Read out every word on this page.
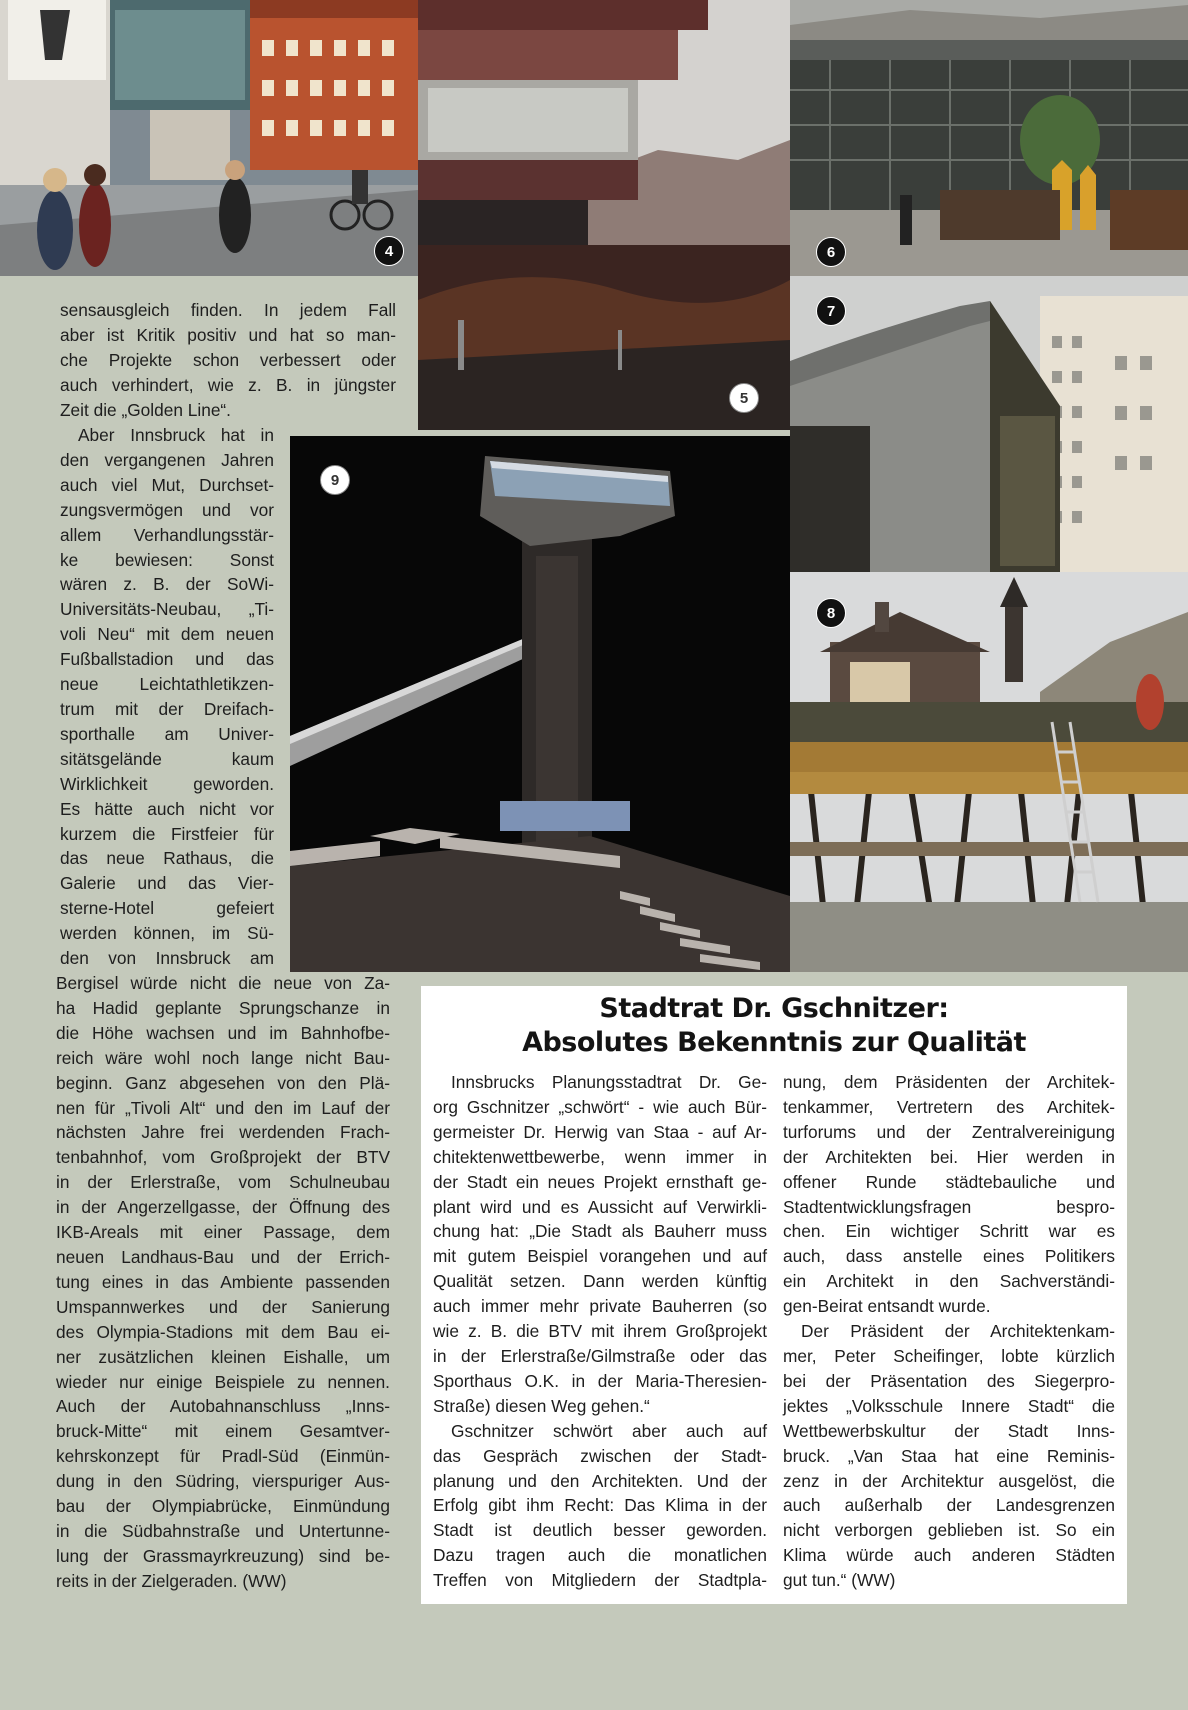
4
5
6
7
8
9
sensausgleich finden. In jedem Fall
aber ist Kritik positiv und hat so man-
che Projekte schon verbessert oder
auch verhindert, wie z. B. in jüngster
Zeit die „Golden Line“.
Aber Innsbruck hat in
den vergangenen Jahren
auch viel Mut, Durchset-
zungsvermögen und vor
allem Verhandlungsstär-
ke bewiesen: Sonst
wären z. B. der SoWi-
Universitäts-Neubau, „Ti-
voli Neu“ mit dem neuen
Fußballstadion und das
neue Leichtathletikzen-
trum mit der Dreifach-
sporthalle am Univer-
sitätsgelände kaum
Wirklichkeit geworden.
Es hätte auch nicht vor
kurzem die Firstfeier für
das neue Rathaus, die
Galerie und das Vier-
sterne-Hotel gefeiert
werden können, im Sü-
den von Innsbruck am
Bergisel würde nicht die neue von Za-
ha Hadid geplante Sprungschanze in
die Höhe wachsen und im Bahnhofbe-
reich wäre wohl noch lange nicht Bau-
beginn. Ganz abgesehen von den Plä-
nen für „Tivoli Alt“ und den im Lauf der
nächsten Jahre frei werdenden Frach-
tenbahnhof, vom Großprojekt der BTV
in der Erlerstraße, vom Schulneubau
in der Angerzellgasse, der Öffnung des
IKB-Areals mit einer Passage, dem
neuen Landhaus-Bau und der Errich-
tung eines in das Ambiente passenden
Umspannwerkes und der Sanierung
des Olympia-Stadions mit dem Bau ei-
ner zusätzlichen kleinen Eishalle, um
wieder nur einige Beispiele zu nennen.
Auch der Autobahnanschluss „Inns-
bruck-Mitte“ mit einem Gesamtver-
kehrskonzept für Pradl-Süd (Einmün-
dung in den Südring, vierspuriger Aus-
bau der Olympiabrücke, Einmündung
in die Südbahnstraße und Untertunne-
lung der Grassmayrkreuzung) sind be-
reits in der Zielgeraden. (WW)
Stadtrat Dr. Gschnitzer:
Absolutes Bekenntnis zur Qualität
Innsbrucks Planungsstadtrat Dr. Ge-
org Gschnitzer „schwört“ - wie auch Bür-
germeister Dr. Herwig van Staa - auf Ar-
chitektenwettbewerbe, wenn immer in
der Stadt ein neues Projekt ernsthaft ge-
plant wird und es Aussicht auf Verwirkli-
chung hat: „Die Stadt als Bauherr muss
mit gutem Beispiel vorangehen und auf
Qualität setzen. Dann werden künftig
auch immer mehr private Bauherren (so
wie z. B. die BTV mit ihrem Großprojekt
in der Erlerstraße/Gilmstraße oder das
Sporthaus O.K. in der Maria-Theresien-
Straße) diesen Weg gehen.“
Gschnitzer schwört aber auch auf
das Gespräch zwischen der Stadt-
planung und den Architekten. Und der
Erfolg gibt ihm Recht: Das Klima in der
Stadt ist deutlich besser geworden.
Dazu tragen auch die monatlichen
Treffen von Mitgliedern der Stadtpla-
nung, dem Präsidenten der Architek-
tenkammer, Vertretern des Architek-
turforums und der Zentralvereinigung
der Architekten bei. Hier werden in
offener Runde städtebauliche und
Stadtentwicklungsfragen bespro-
chen. Ein wichtiger Schritt war es
auch, dass anstelle eines Politikers
ein Architekt in den Sachverständi-
gen-Beirat entsandt wurde.
Der Präsident der Architektenkam-
mer, Peter Scheifinger, lobte kürzlich
bei der Präsentation des Siegerpro-
jektes „Volksschule Innere Stadt“ die
Wettbewerbskultur der Stadt Inns-
bruck. „Van Staa hat eine Reminis-
zenz in der Architektur ausgelöst, die
auch außerhalb der Landesgrenzen
nicht verborgen geblieben ist. So ein
Klima würde auch anderen Städten
gut tun.“ (WW)
